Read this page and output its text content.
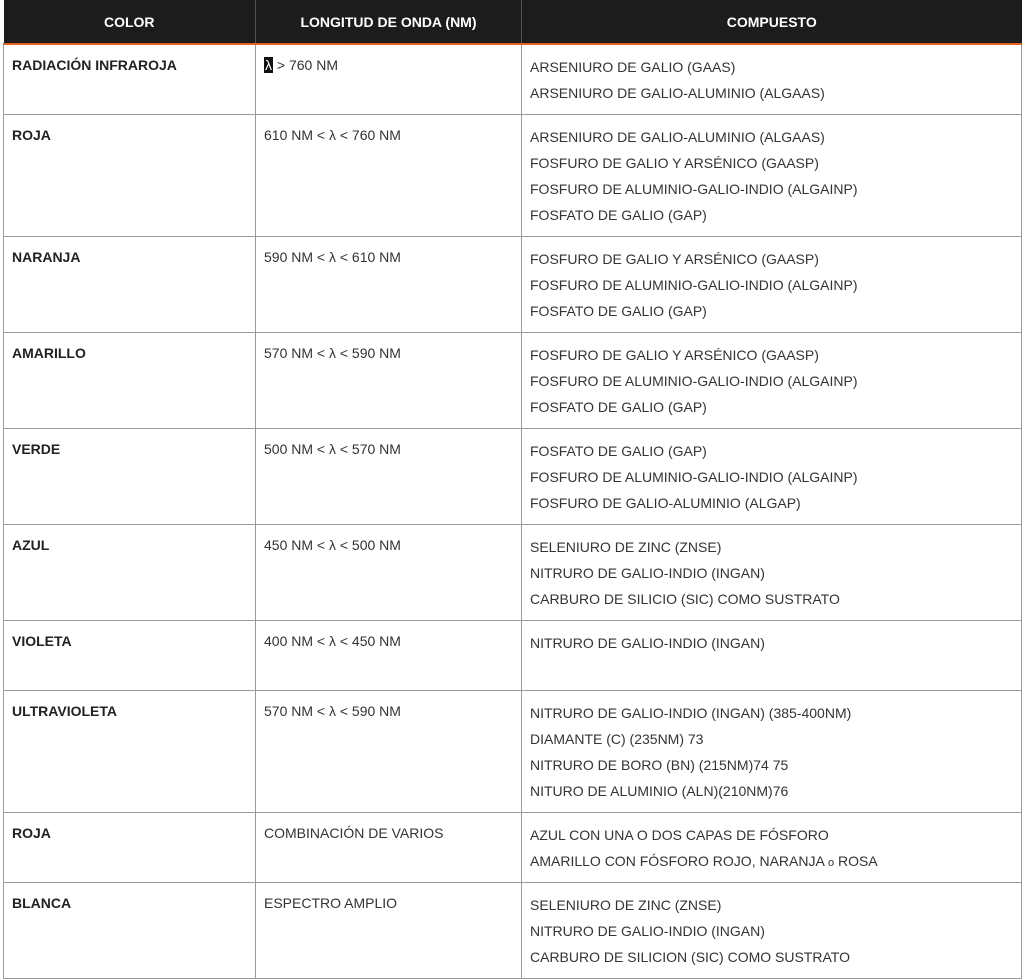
COLOR	LONGITUD DE ONDA (NM)	COMPUESTO
RADIACIÓN INFRAROJA	λ > 760 NM	ARSENIURO DE GALIO (GAAS)
ARSENIURO DE GALIO-ALUMINIO (ALGAAS)

ROJA	610 NM < λ < 760 NM	ARSENIURO DE GALIO-ALUMINIO (ALGAAS)
FOSFURO DE GALIO Y ARSÉNICO (GAASP)
FOSFURO DE ALUMINIO-GALIO-INDIO (ALGAINP)
FOSFATO DE GALIO (GAP)

NARANJA	590 NM < λ < 610 NM	FOSFURO DE GALIO Y ARSÉNICO (GAASP)
FOSFURO DE ALUMINIO-GALIO-INDIO (ALGAINP)
FOSFATO DE GALIO (GAP)

AMARILLO	570 NM < λ < 590 NM	FOSFURO DE GALIO Y ARSÉNICO (GAASP)
FOSFURO DE ALUMINIO-GALIO-INDIO (ALGAINP)
FOSFATO DE GALIO (GAP)

VERDE	500 NM < λ < 570 NM	FOSFATO DE GALIO (GAP)
FOSFURO DE ALUMINIO-GALIO-INDIO (ALGAINP)
FOSFURO DE GALIO-ALUMINIO (ALGAP)

AZUL	450 NM < λ < 500 NM	SELENIURO DE ZINC (ZNSE)
NITRURO DE GALIO-INDIO (INGAN)
CARBURO DE SILICIO (SIC) COMO SUSTRATO

VIOLETA	400 NM < λ < 450 NM	NITRURO DE GALIO-INDIO (INGAN)

ULTRAVIOLETA	570 NM < λ < 590 NM	NITRURO DE GALIO-INDIO (INGAN) (385-400NM)
DIAMANTE (C) (235NM) 73
NITRURO DE BORO (BN) (215NM)74 75
NITURO DE ALUMINIO (ALN)(210NM)76

ROJA	COMBINACIÓN DE VARIOS	AZUL CON UNA O DOS CAPAS DE FÓSFORO
AMARILLO CON FÓSFORO ROJO, NARANJA o ROSA

BLANCA	ESPECTRO AMPLIO	SELENIURO DE ZINC (ZNSE)
NITRURO DE GALIO-INDIO (INGAN)
CARBURO DE SILICION (SIC) COMO SUSTRATO
